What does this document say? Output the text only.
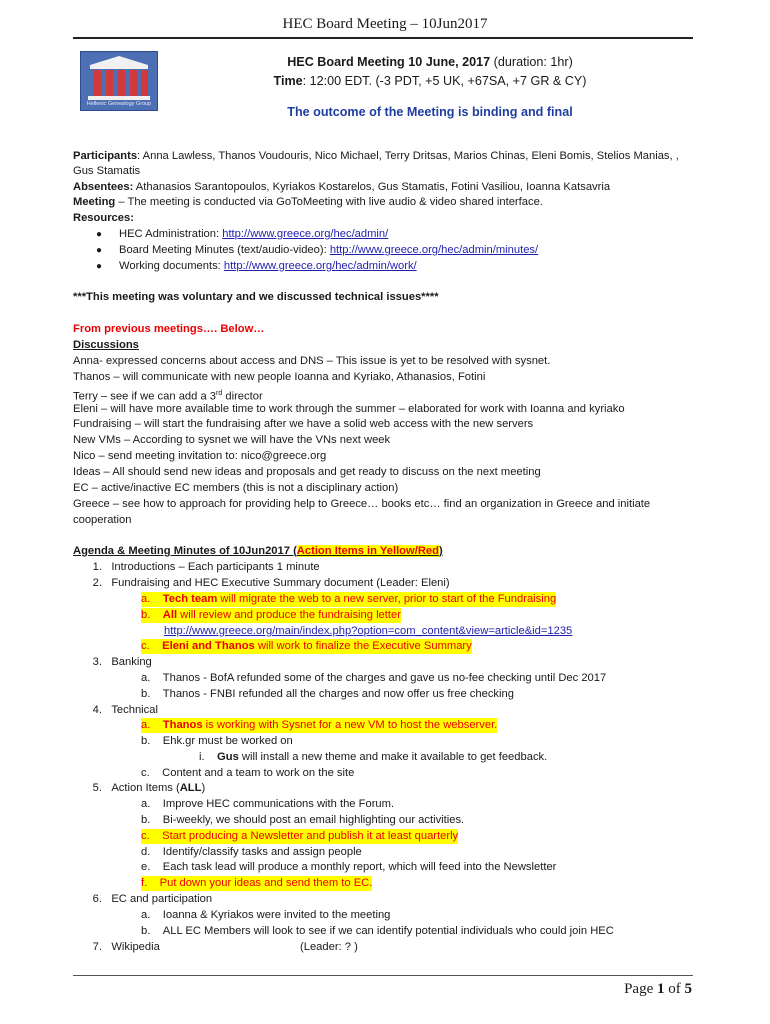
HEC Board Meeting – 10Jun2017
Hellenic Genealogy Group
HEC Board Meeting 10 June, 2017 (duration: 1hr)
Time: 12:00 EDT. (-3 PDT, +5 UK, +67SA, +7 GR & CY)
The outcome of the Meeting is binding and final
Participants: Anna Lawless, Thanos Voudouris, Nico Michael, Terry Dritsas, Marios Chinas, Eleni Bomis, Stelios Manias, ,
Gus Stamatis
Absentees: Athanasios Sarantopoulos, Kyriakos Kostarelos, Gus Stamatis, Fotini Vasiliou, Ioanna Katsavria
Meeting – The meeting is conducted via GoToMeeting with live audio & video shared interface.
Resources:
● HEC Administration: http://www.greece.org/hec/admin/
● Board Meeting Minutes (text/audio-video): http://www.greece.org/hec/admin/minutes/
● Working documents: http://www.greece.org/hec/admin/work/
***This meeting was voluntary and we discussed technical issues****
From previous meetings…. Below…
Discussions
Anna- expressed concerns about access and DNS – This issue is yet to be resolved with sysnet.
Thanos – will communicate with new people Ioanna and Kyriako, Athanasios, Fotini
Terry – see if we can add a 3rd director
Eleni – will have more available time to work through the summer – elaborated for work with Ioanna and kyriako
Fundraising – will start the fundraising after we have a solid web access with the new servers
New VMs – According to sysnet we will have the VNs next week
Nico – send meeting invitation to: nico@greece.org
Ideas – All should send new ideas and proposals and get ready to discuss on the next meeting
EC – active/inactive EC members (this is not a disciplinary action)
Greece – see how to approach for providing help to Greece… books etc… find an organization in Greece and initiate
cooperation
Agenda & Meeting Minutes of 10Jun2017 (Action Items in Yellow/Red)
1. Introductions – Each participants 1 minute
2. Fundraising and HEC Executive Summary document (Leader: Eleni)
a. Tech team will migrate the web to a new server, prior to start of the Fundraising
b. All will review and produce the fundraising letter
http://www.greece.org/main/index.php?option=com_content&view=article&id=1235
c. Eleni and Thanos will work to finalize the Executive Summary
3. Banking
a. Thanos - BofA refunded some of the charges and gave us no-fee checking until Dec 2017
b. Thanos - FNBI refunded all the charges and now offer us free checking
4. Technical
a. Thanos is working with Sysnet for a new VM to host the webserver.
b. Ehk.gr must be worked on
i. Gus will install a new theme and make it available to get feedback.
c. Content and a team to work on the site
5. Action Items (ALL)
a. Improve HEC communications with the Forum.
b. Bi-weekly, we should post an email highlighting our activities.
c. Start producing a Newsletter and publish it at least quarterly
d. Identify/classify tasks and assign people
e. Each task lead will produce a monthly report, which will feed into the Newsletter
f. Put down your ideas and send them to EC.
6. EC and participation
a. Ioanna & Kyriakos were invited to the meeting
b. ALL EC Members will look to see if we can identify potential individuals who could join HEC
7. Wikipedia	(Leader: ? )
Page 1 of 5
